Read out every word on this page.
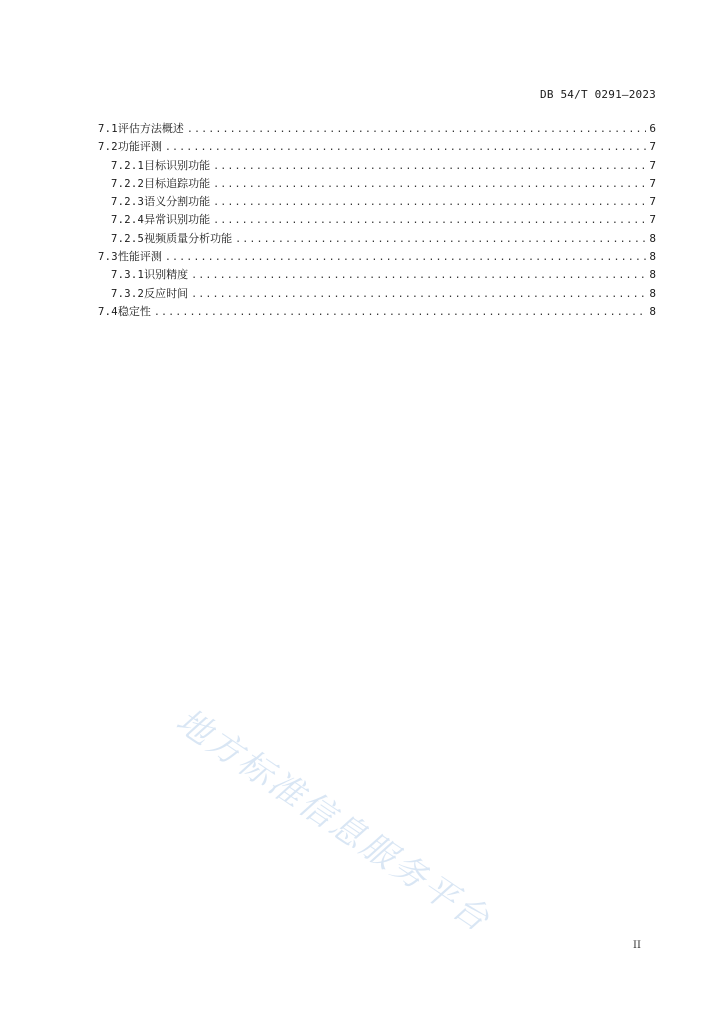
DB 54/T 0291—2023
7.1 评估方法概述 .....	6
7.2 功能评测 .....	7
7.2.1 目标识别功能 .....	7
7.2.2 目标追踪功能 .....	7
7.2.3 语义分割功能 .....	7
7.2.4 异常识别功能 .....	7
7.2.5 视频质量分析功能 .....	8
7.3 性能评测 .....	8
7.3.1 识别精度 .....	8
7.3.2 反应时间 .....	8
7.4 稳定性 .....	8
地方标准信息服务平台
II
